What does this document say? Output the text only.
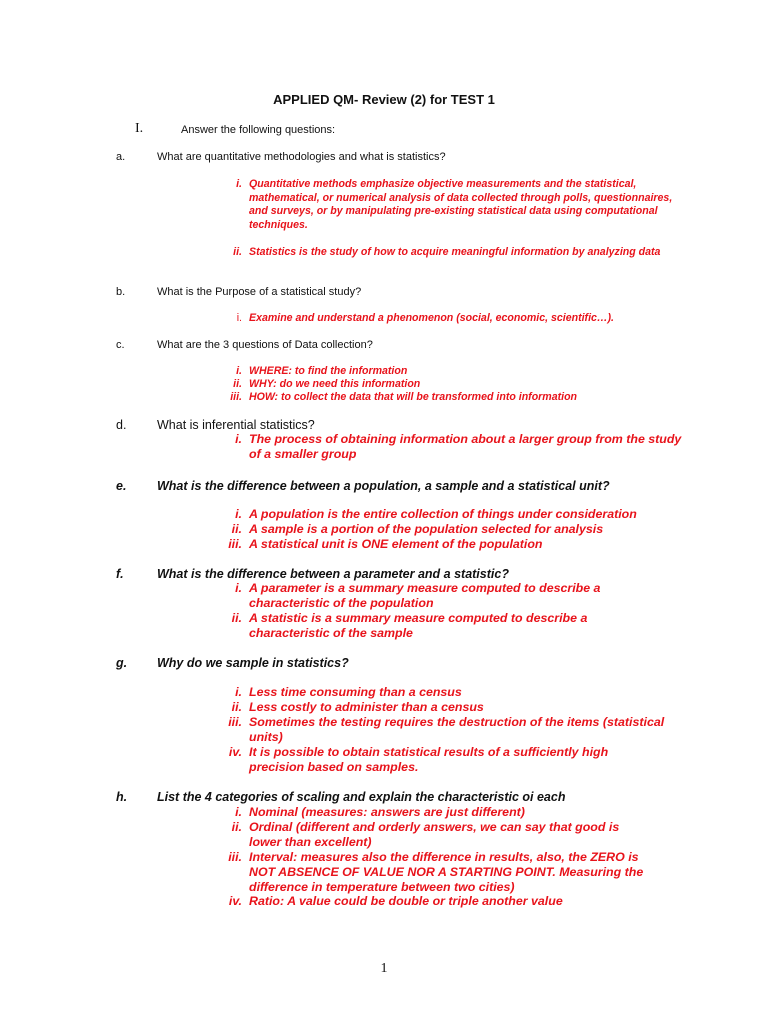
APPLIED QM- Review (2) for TEST 1
I.	Answer the following questions:
a.	What are quantitative methodologies and what is statistics?
i. Quantitative methods emphasize objective measurements and the statistical, mathematical, or numerical analysis of data collected through polls, questionnaires, and surveys, or by manipulating pre-existing statistical data using computational techniques.
ii. Statistics is the study of how to acquire meaningful information by analyzing data
b.	What is the Purpose of a statistical study?
i. Examine and understand a phenomenon (social, economic, scientific…).
c.	What are the 3 questions of Data collection?
i. WHERE: to find the information
ii. WHY: do we need this information
iii. HOW: to collect the data that will be transformed into information
d. What is inferential statistics?
i. The process of obtaining information about a larger group from the study of a smaller group
e. What is the difference between a population, a sample and a statistical unit?
i. A population is the entire collection of things under consideration
ii. A sample is a portion of the population selected for analysis
iii. A statistical unit is ONE element of the population
f.	What is the difference between a parameter and a statistic?
i. A parameter is a summary measure computed to describe a characteristic of the population
ii. A statistic is a summary measure computed to describe a characteristic of the sample
g. Why do we sample in statistics?
i. Less time consuming than a census
ii. Less costly to administer than a census
iii. Sometimes the testing requires the destruction of the items (statistical units)
iv. It is possible to obtain statistical results of a sufficiently high precision based on samples.
h. List the 4 categories of scaling and explain the characteristic oi each
i. Nominal (measures: answers are just different)
ii. Ordinal (different and orderly answers, we can say that good is lower than excellent)
iii. Interval: measures also the difference in results, also, the ZERO is NOT ABSENCE OF VALUE NOR A STARTING POINT. Measuring the difference in temperature between two cities)
iv. Ratio: A value could be double or triple another value
1
